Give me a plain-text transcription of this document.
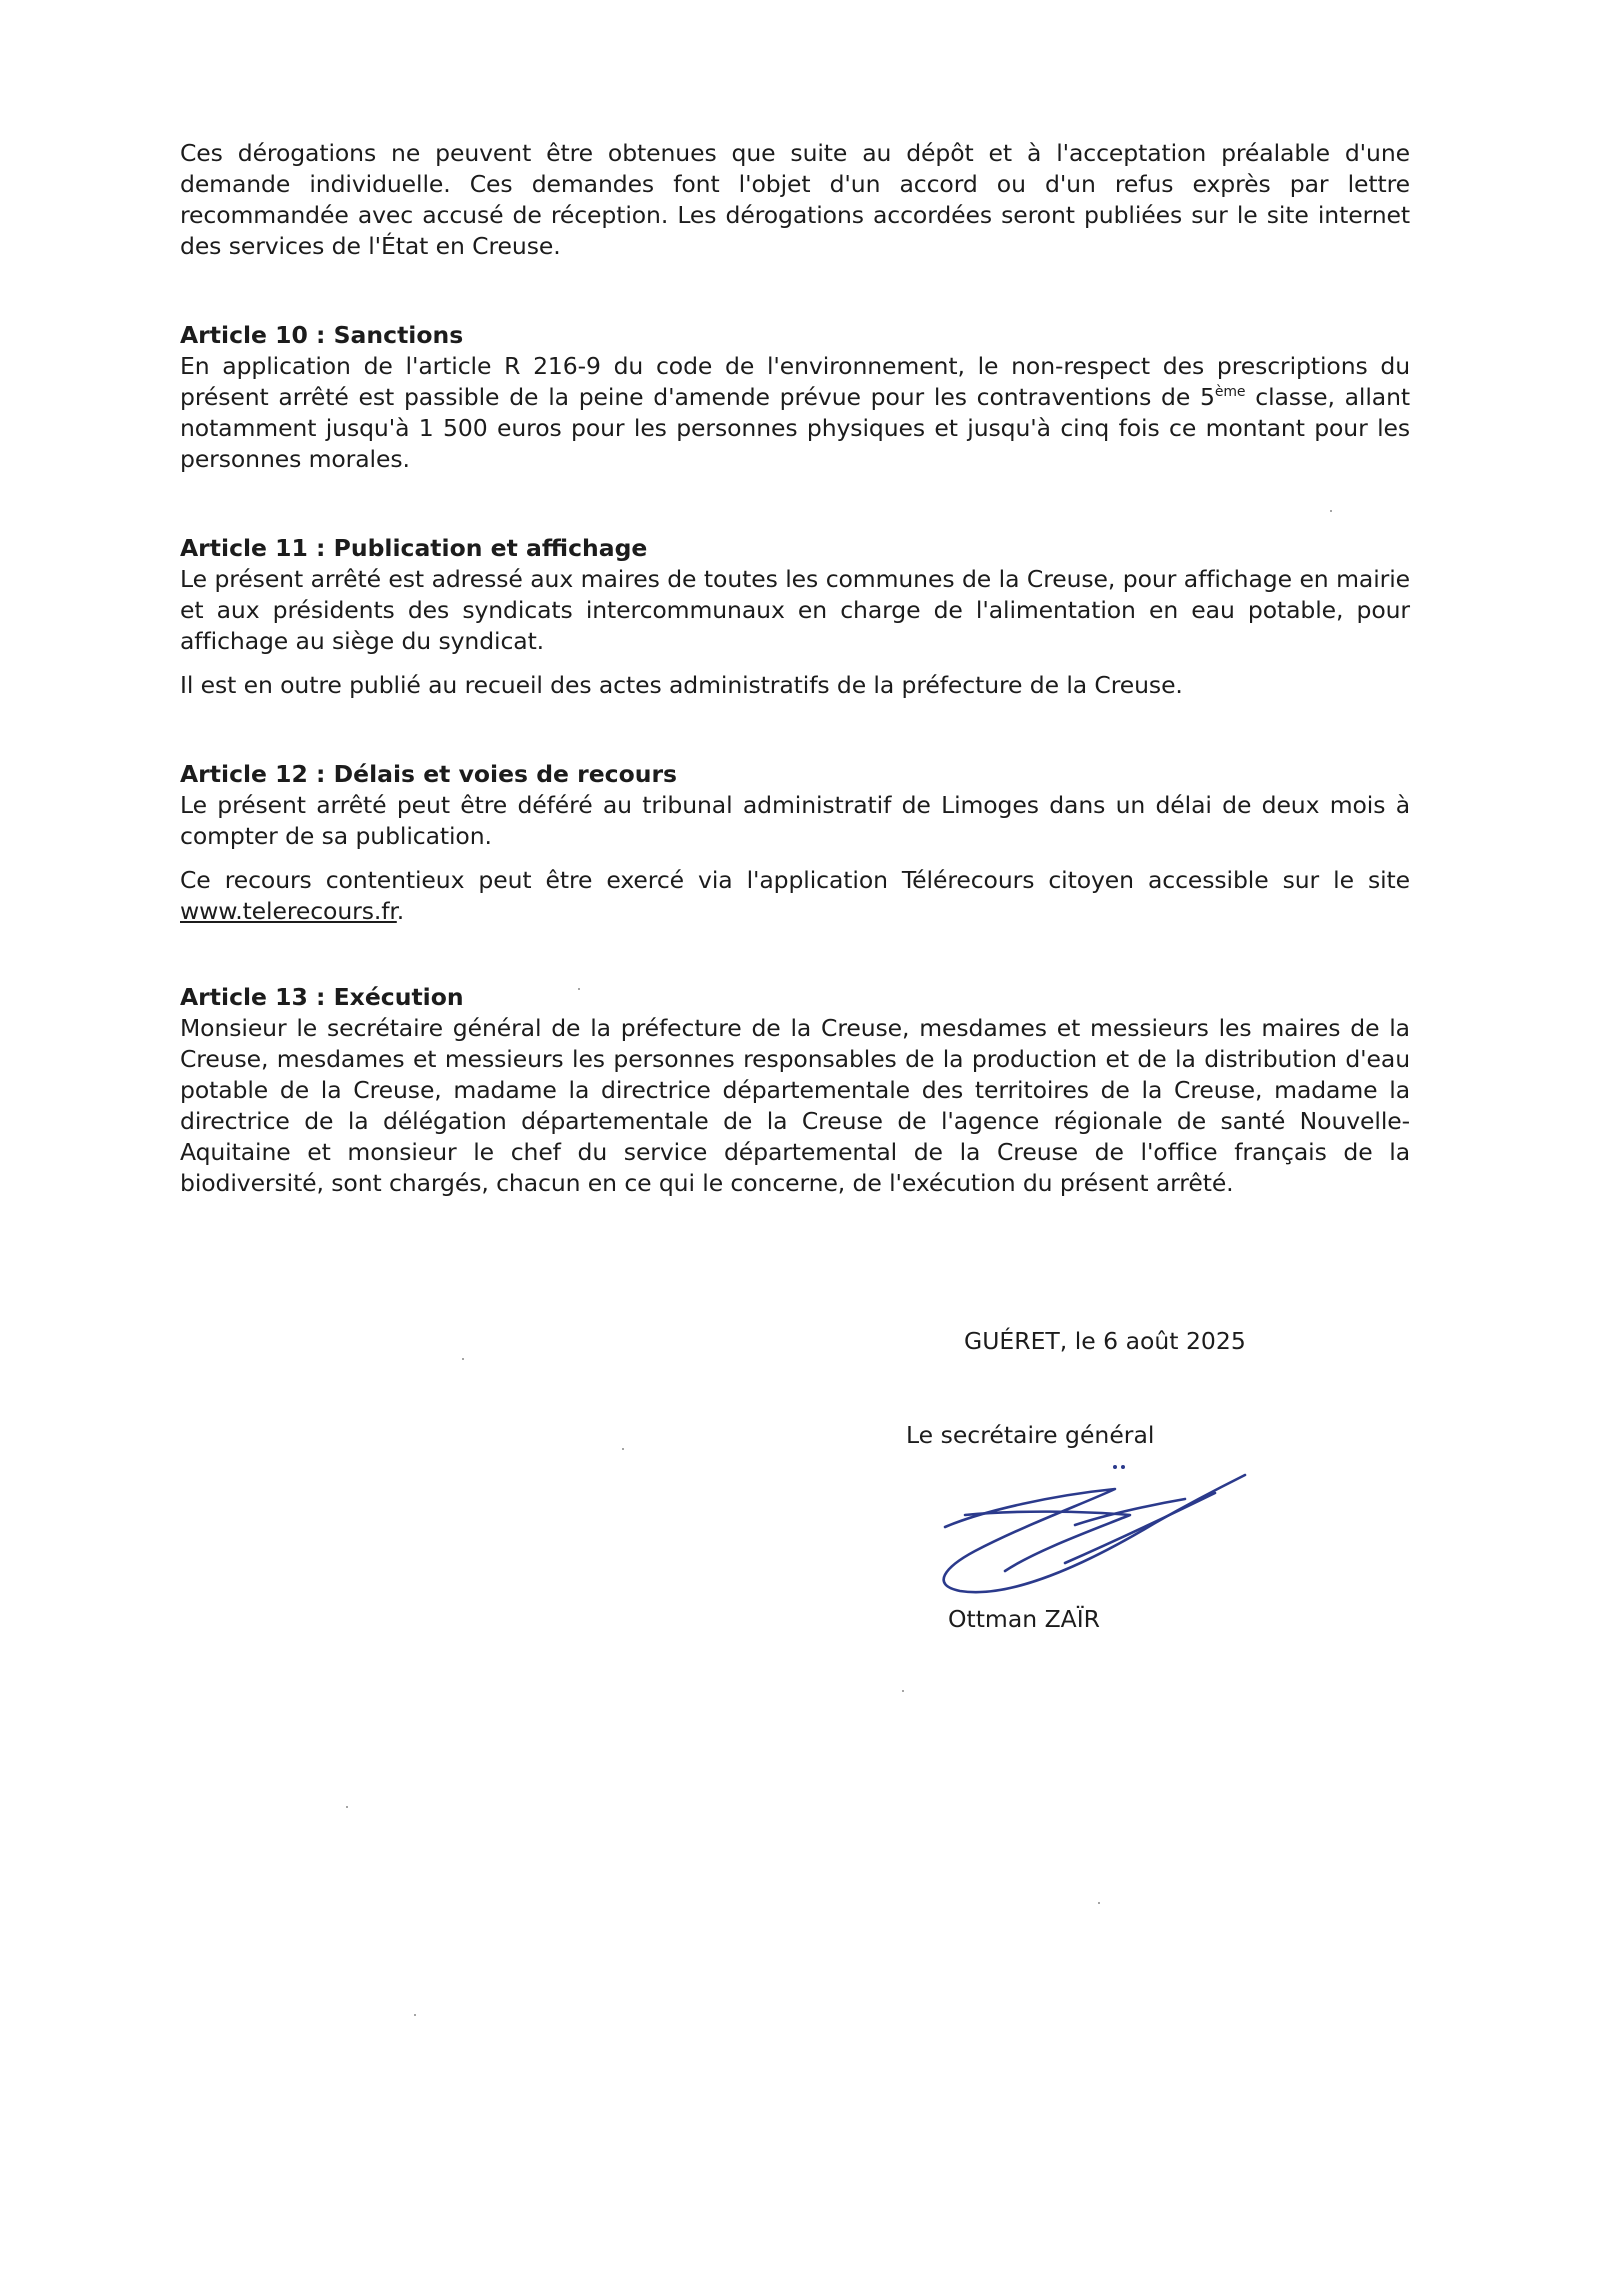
Ces dérogations ne peuvent être obtenues que suite au dépôt et à l'acceptation préalable d'une demande individuelle. Ces demandes font l'objet d'un accord ou d'un refus exprès par lettre recommandée avec accusé de réception. Les dérogations accordées seront publiées sur le site internet des services de l'État en Creuse.

Article 10 : Sanctions

En application de l'article R 216-9 du code de l'environnement, le non-respect des prescriptions du présent arrêté est passible de la peine d'amende prévue pour les contraventions de 5ème classe, allant notamment jusqu'à 1 500 euros pour les personnes physiques et jusqu'à cinq fois ce montant pour les personnes morales.

Article 11 : Publication et affichage

Le présent arrêté est adressé aux maires de toutes les communes de la Creuse, pour affichage en mairie et aux présidents des syndicats intercommunaux en charge de l'alimentation en eau potable, pour affichage au siège du syndicat.

Il est en outre publié au recueil des actes administratifs de la préfecture de la Creuse.

Article 12 : Délais et voies de recours

Le présent arrêté peut être déféré au tribunal administratif de Limoges dans un délai de deux mois à compter de sa publication.

Ce recours contentieux peut être exercé via l'application Télérecours citoyen accessible sur le site www.telerecours.fr.

Article 13 : Exécution

Monsieur le secrétaire général de la préfecture de la Creuse, mesdames et messieurs les maires de la Creuse, mesdames et messieurs les personnes responsables de la production et de la distribution d'eau potable de la Creuse, madame la directrice départementale des territoires de la Creuse, madame la directrice de la délégation départementale de la Creuse de l'agence régionale de santé Nouvelle-Aquitaine et monsieur le chef du service départemental de la Creuse de l'office français de la biodiversité, sont chargés, chacun en ce qui le concerne, de l'exécution du présent arrêté.

GUÉRET, le 6 août 2025
Le secrétaire général
Ottman ZAÏR
